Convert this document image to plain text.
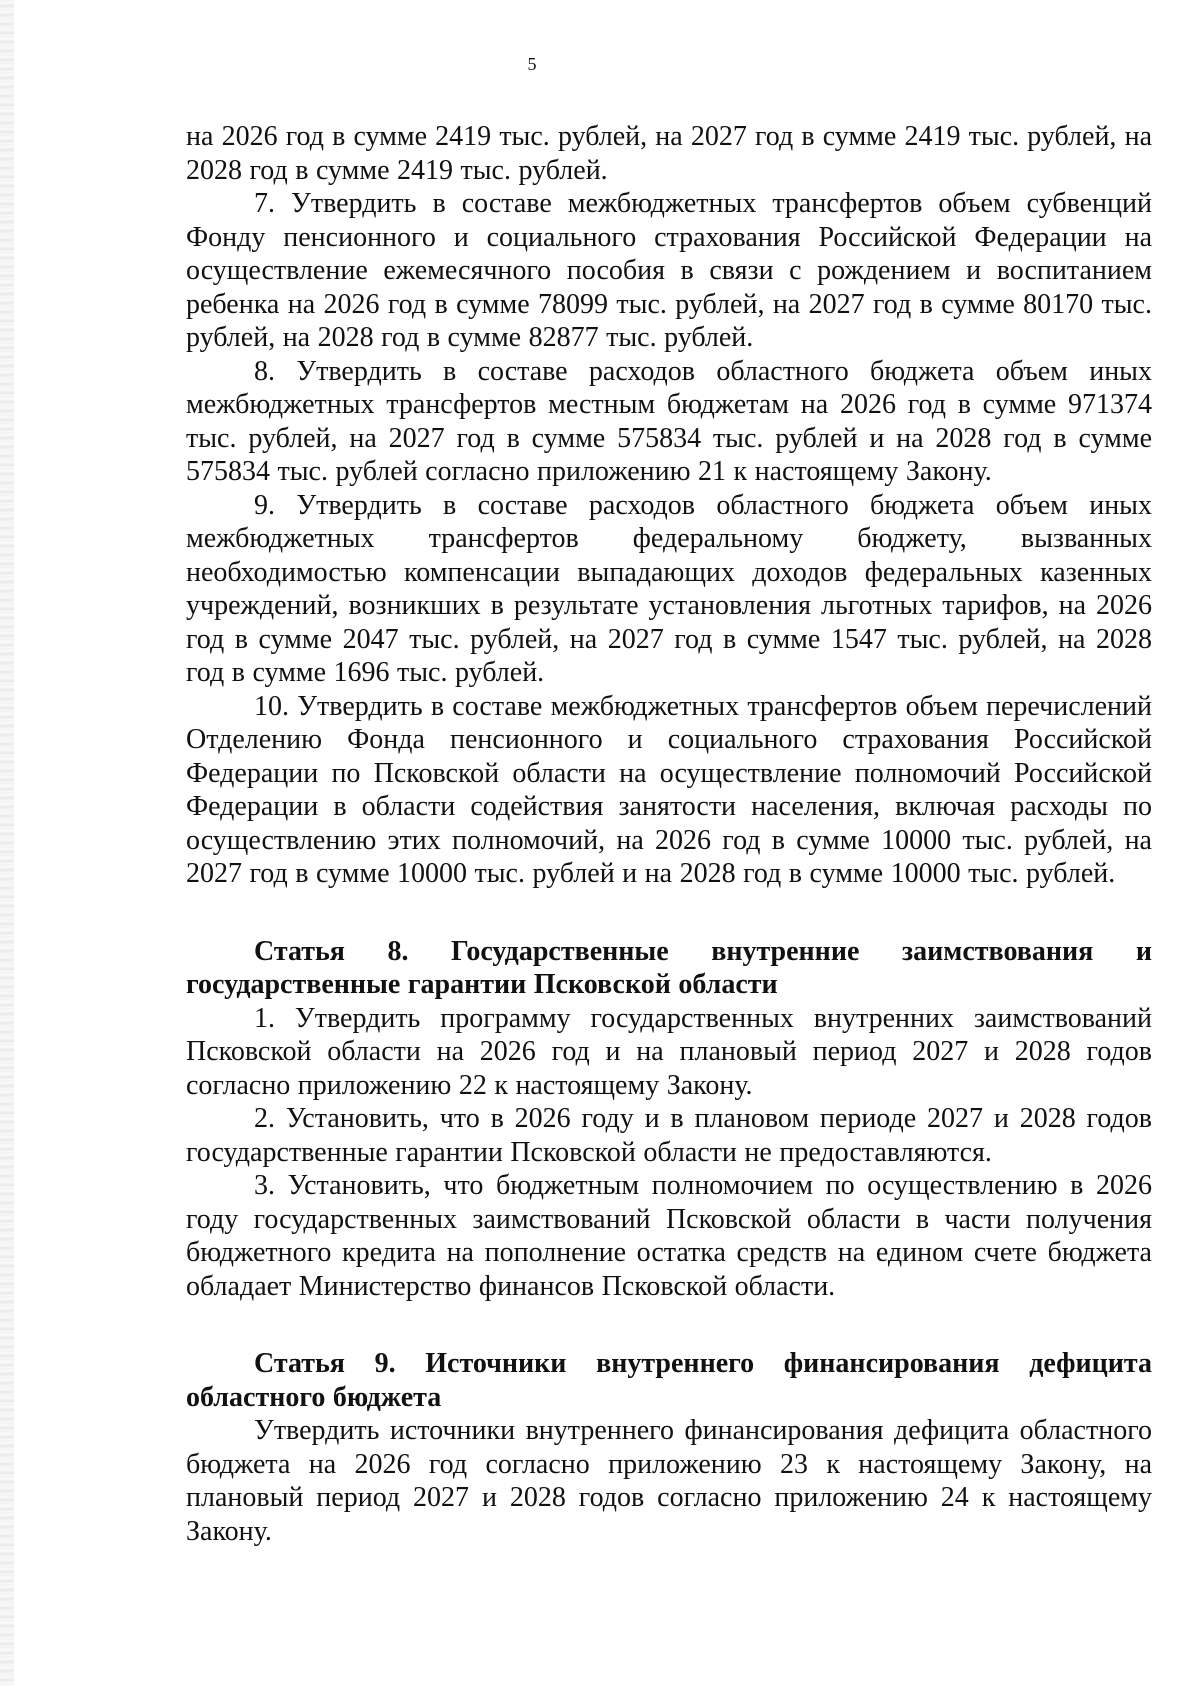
5

на 2026 год в сумме 2419 тыс. рублей, на 2027 год в сумме 2419 тыс. рублей, на 2028 год в сумме 2419 тыс. рублей.

7. Утвердить в составе межбюджетных трансфертов объем субвенций Фонду пенсионного и социального страхования Российской Федерации на осуществление ежемесячного пособия в связи с рождением и воспитанием ребенка на 2026 год в сумме 78099 тыс. рублей, на 2027 год в сумме 80170 тыс. рублей, на 2028 год в сумме 82877 тыс. рублей.

8. Утвердить в составе расходов областного бюджета объем иных межбюджетных трансфертов местным бюджетам на 2026 год в сумме 971374 тыс. рублей, на 2027 год в сумме 575834 тыс. рублей и на 2028 год в сумме 575834 тыс. рублей согласно приложению 21 к настоящему Закону.

9. Утвердить в составе расходов областного бюджета объем иных межбюджетных трансфертов федеральному бюджету, вызванных необходимостью компенсации выпадающих доходов федеральных казенных учреждений, возникших в результате установления льготных тарифов, на 2026 год в сумме 2047 тыс. рублей, на 2027 год в сумме 1547 тыс. рублей, на 2028 год в сумме 1696 тыс. рублей.

10. Утвердить в составе межбюджетных трансфертов объем перечислений Отделению Фонда пенсионного и социального страхования Российской Федерации по Псковской области на осуществление полномочий Российской Федерации в области содействия занятости населения, включая расходы по осуществлению этих полномочий, на 2026 год в сумме 10000 тыс. рублей, на 2027 год в сумме 10000 тыс. рублей и на 2028 год в сумме 10000 тыс. рублей.

Статья 8. Государственные внутренние заимствования и государственные гарантии Псковской области

1. Утвердить программу государственных внутренних заимствований Псковской области на 2026 год и на плановый период 2027 и 2028 годов согласно приложению 22 к настоящему Закону.

2. Установить, что в 2026 году и в плановом периоде 2027 и 2028 годов государственные гарантии Псковской области не предоставляются.

3. Установить, что бюджетным полномочием по осуществлению в 2026 году государственных заимствований Псковской области в части получения бюджетного кредита на пополнение остатка средств на едином счете бюджета обладает Министерство финансов Псковской области.

Статья 9. Источники внутреннего финансирования дефицита областного бюджета

Утвердить источники внутреннего финансирования дефицита областного бюджета на 2026 год согласно приложению 23 к настоящему Закону, на плановый период 2027 и 2028 годов согласно приложению 24 к настоящему Закону.
